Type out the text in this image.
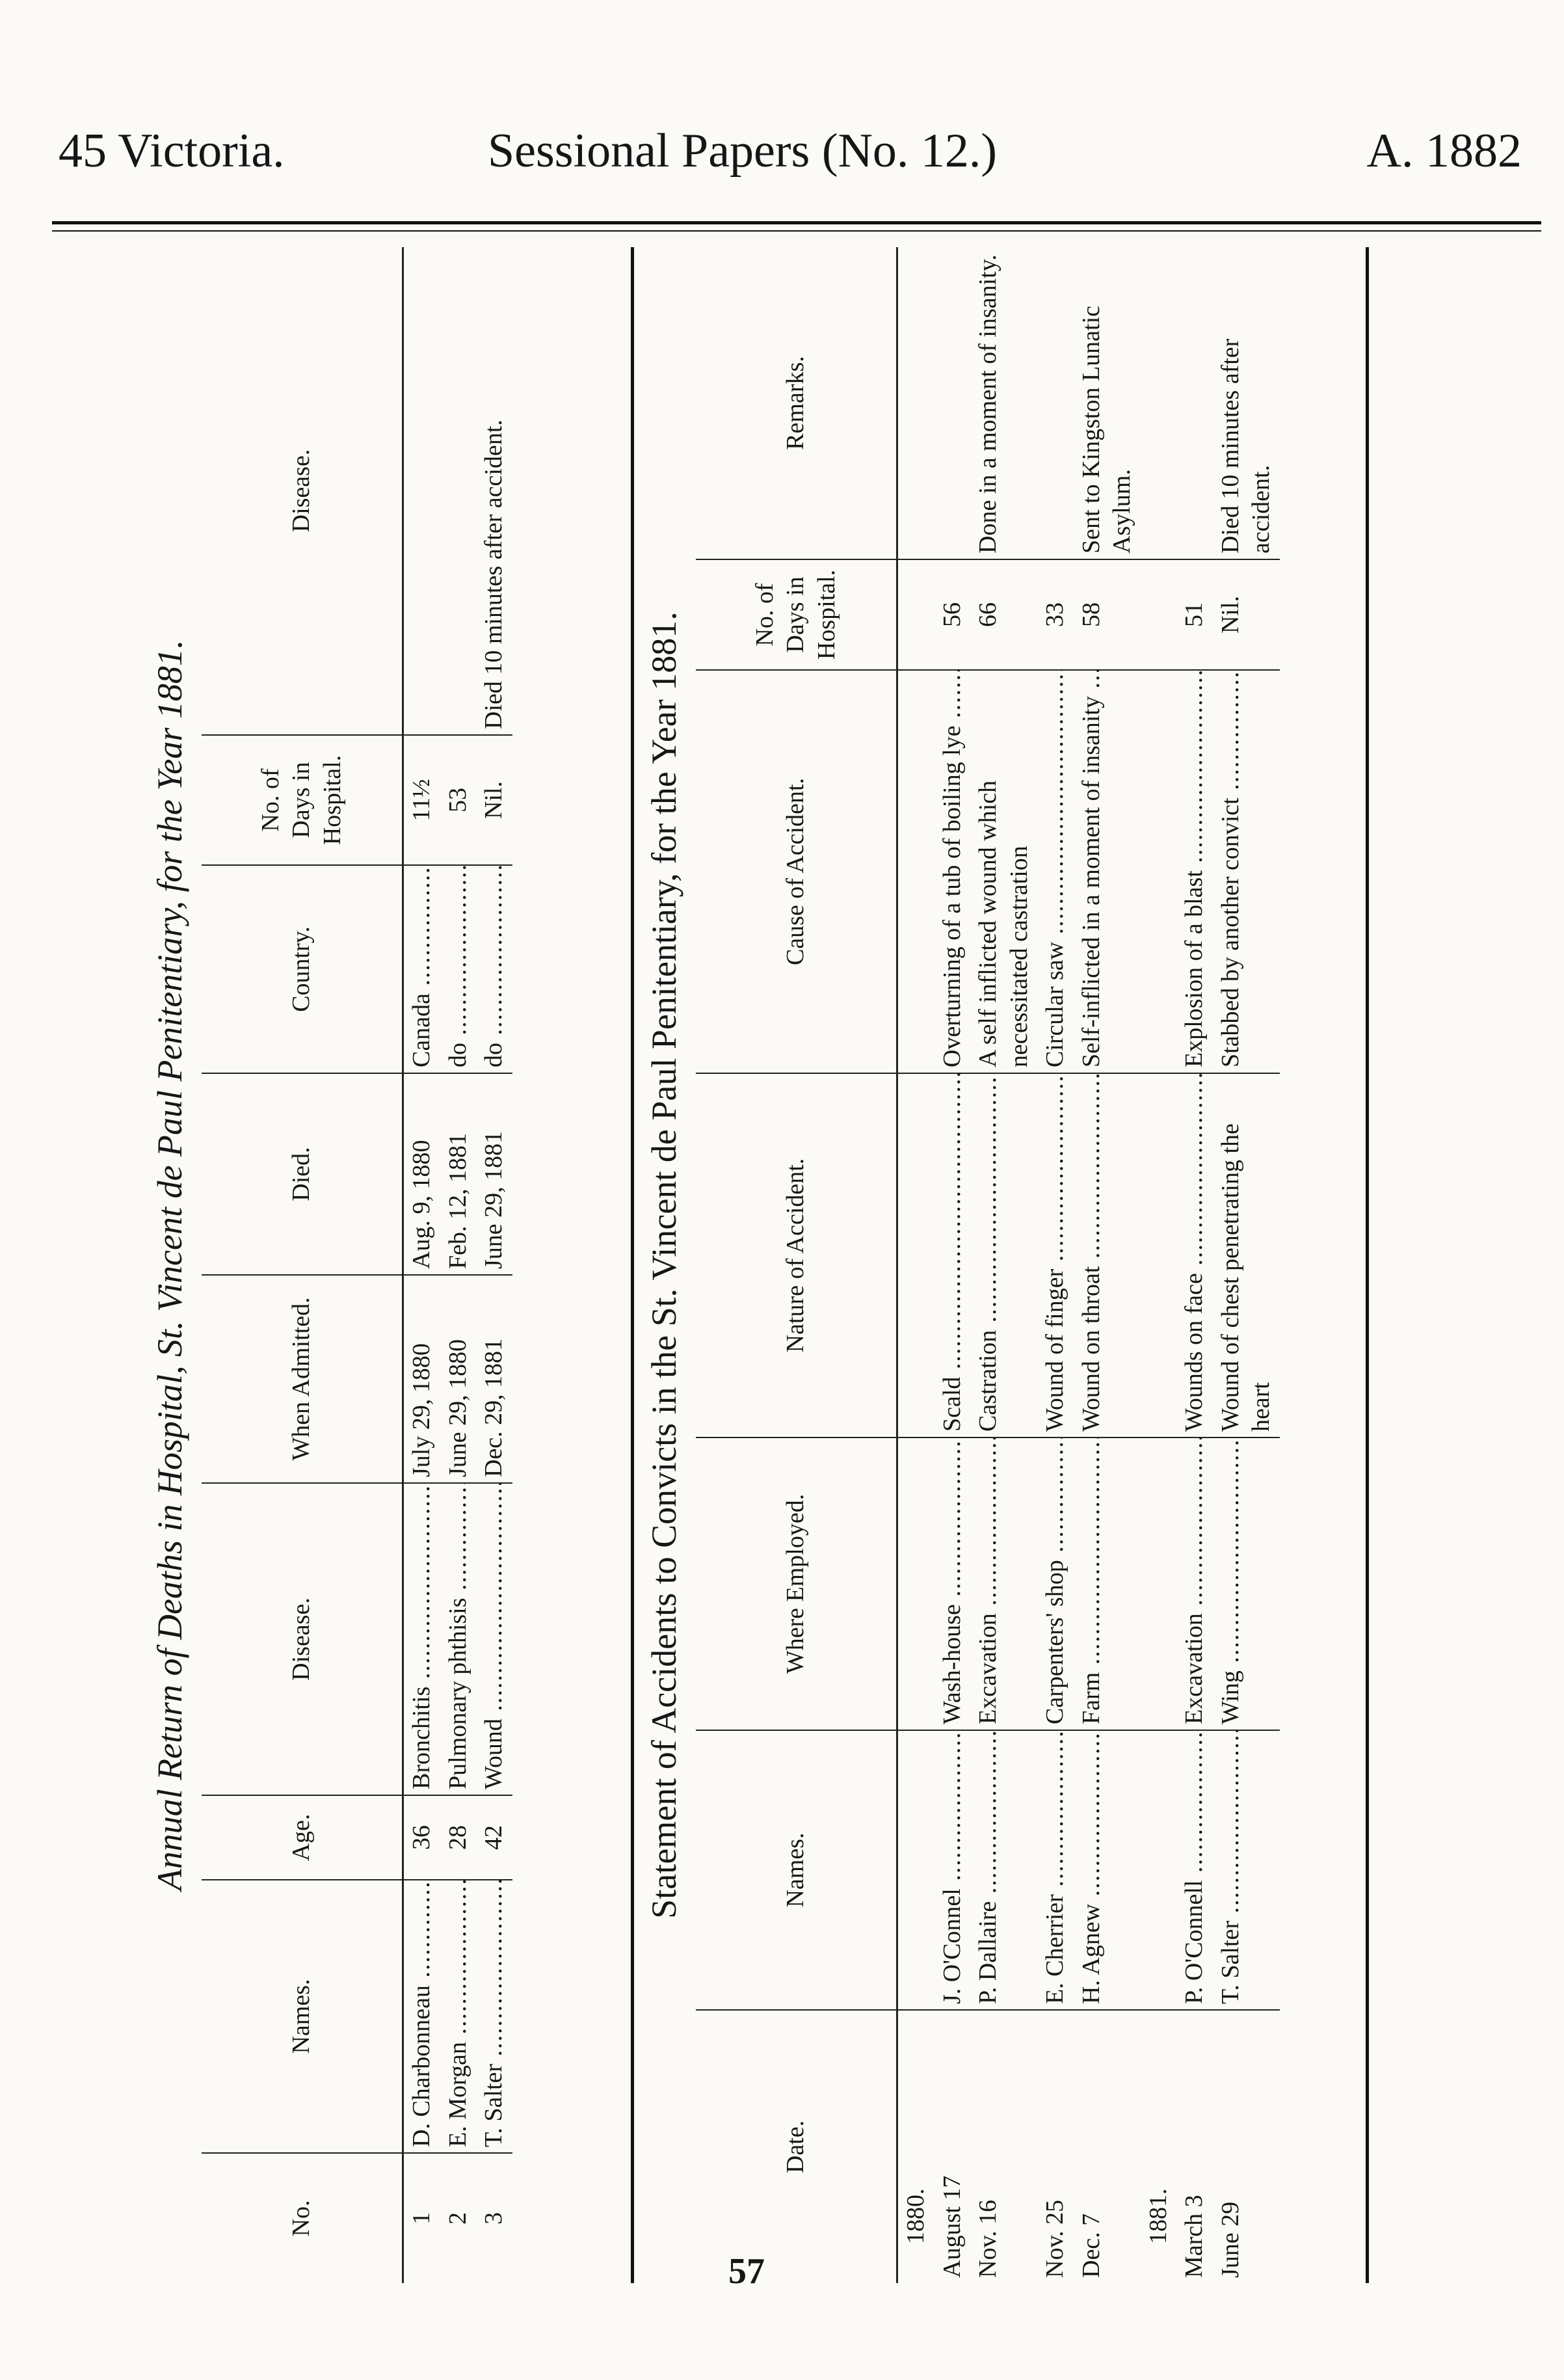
45 Victoria.	Sessional Papers (No. 12.)	A. 1882
Annual Return of Deaths in Hospital, St. Vincent de Paul Penitentiary, for the Year 1881.
No.	Names.	Age.	Disease.	When Admitted.	Died.	Country.	No. of Days in Hospital.	Disease.
1	D. Charbonneau .....	36	Bronchitis .....	July 29, 1880	Aug. 9, 1880	Canada .....	11½	
2	E. Morgan .....	28	Pulmonary phthisis .....	June 29, 1880	Feb. 12, 1881	do .....	53	
3	T. Salter .....	42	Wound .....	Dec. 29, 1881	June 29, 1881	do .....	Nil.	Died 10 minutes after accident.
Statement of Accidents to Convicts in the St. Vincent de Paul Penitentiary, for the Year 1881.
Date.	Names.	Where Employed.	Nature of Accident.	Cause of Accident.	No. of Days in Hospital.	Remarks.
1880.						
August 17	J. O'Connel .....	Wash-house .....	Scald .....	Overturning of a tub of boiling lye .....	56	
Nov. 16	P. Dallaire .....	Excavation .....	Castration .....	A self inflicted wound which necessitated castration	66	Done in a moment of insanity.
Nov. 25	E. Cherrier .....	Carpenters' shop .....	Wound of finger .....	Circular saw .....	33	
Dec. 7	H. Agnew .....	Farm .....	Wound on throat .....	Self-inflicted in a moment of insanity .....	58	Sent to Kingston Lunatic Asylum.
1881.						
March 3	P. O'Connell .....	Excavation .....	Wounds on face .....	Explosion of a blast .....	51	
June 29	T. Salter .....	Wing .....	Wound of chest penetrating the heart	Stabbed by another convict .....	Nil.	Died 10 minutes after accident.
57
